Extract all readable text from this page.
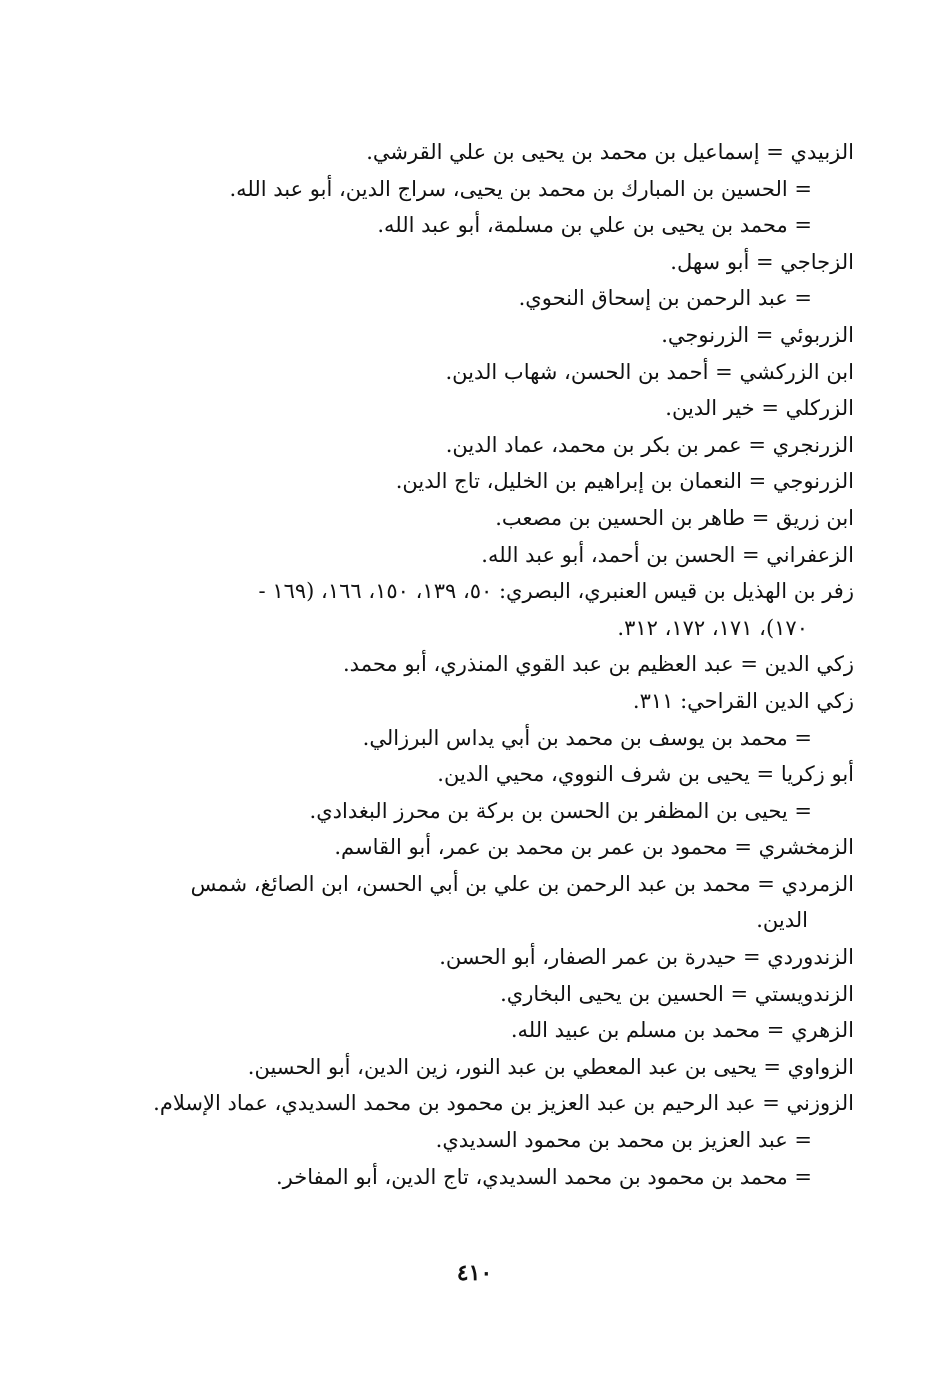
الزبيدي = إسماعيل بن محمد بن يحيى بن علي القرشي.

= الحسين بن المبارك بن محمد بن يحيى، سراج الدين، أبو عبد الله.

= محمد بن يحيى بن علي بن مسلمة، أبو عبد الله.

الزجاجي = أبو سهل.

= عبد الرحمن بن إسحاق النحوي.

الزربوئي = الزرنوجي.

ابن الزركشي = أحمد بن الحسن، شهاب الدين.

الزركلي = خير الدين.

الزرنجري = عمر بن بكر بن محمد، عماد الدين.

الزرنوجي = النعمان بن إبراهيم بن الخليل، تاج الدين.

ابن زريق = طاهر بن الحسين بن مصعب.

الزعفراني = الحسن بن أحمد، أبو عبد الله.

زفر بن الهذيل بن قيس العنبري، البصري: ٥٠، ١٣٩، ١٥٠، ١٦٦، (١٦٩ -
١٧٠)، ١٧١، ١٧٢، ٣١٢.

زكي الدين = عبد العظيم بن عبد القوي المنذري، أبو محمد.

زكي الدين القراحي: ٣١١.

= محمد بن يوسف بن محمد بن أبي يداس البرزالي.

أبو زكريا = يحيى بن شرف النووي، محيي الدين.

= يحيى بن المظفر بن الحسن بن بركة بن محرز البغدادي.

الزمخشري = محمود بن عمر بن محمد بن عمر، أبو القاسم.

الزمردي = محمد بن عبد الرحمن بن علي بن أبي الحسن، ابن الصائغ، شمس
الدين.

الزندوردي = حيدرة بن عمر الصفار، أبو الحسن.

الزندويستي = الحسين بن يحيى البخاري.

الزهري = محمد بن مسلم بن عبيد الله.

الزواوي = يحيى بن عبد المعطي بن عبد النور، زين الدين، أبو الحسين.

الزوزني = عبد الرحيم بن عبد العزيز بن محمود بن محمد السديدي، عماد الإسلام.

= عبد العزيز بن محمد بن محمود السديدي.

= محمد بن محمود بن محمد السديدي، تاج الدين، أبو المفاخر.

٤١٠
